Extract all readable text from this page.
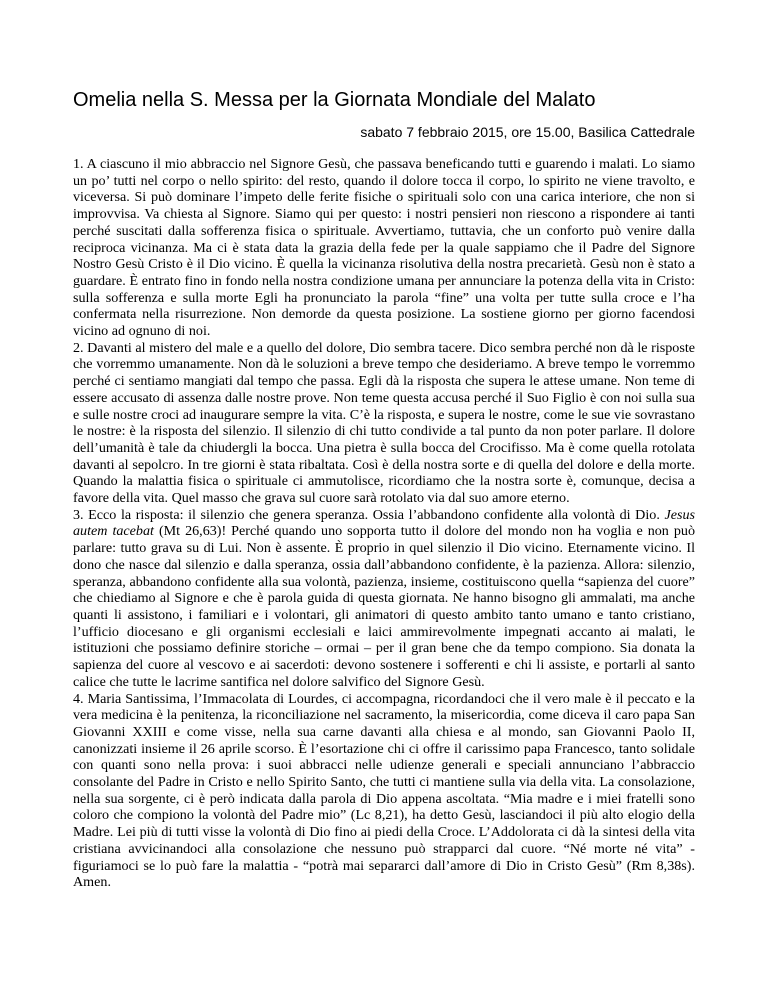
Omelia nella S. Messa per la Giornata Mondiale del Malato
sabato 7 febbraio 2015, ore 15.00, Basilica Cattedrale

1. A ciascuno il mio abbraccio nel Signore Gesù, che passava beneficando tutti e guarendo i malati. Lo siamo un po’ tutti nel corpo o nello spirito: del resto, quando il dolore tocca il corpo, lo spirito ne viene travolto, e viceversa. Si può dominare l’impeto delle ferite fisiche o spirituali solo con una carica interiore, che non si improvvisa. Va chiesta al Signore. Siamo qui per questo: i nostri pensieri non riescono a rispondere ai tanti perché suscitati dalla sofferenza fisica o spirituale. Avvertiamo, tuttavia, che un conforto può venire dalla reciproca vicinanza. Ma ci è stata data la grazia della fede per la quale sappiamo che il Padre del Signore Nostro Gesù Cristo è il Dio vicino. È quella la vicinanza risolutiva della nostra precarietà. Gesù non è stato a guardare. È entrato fino in fondo nella nostra condizione umana per annunciare la potenza della vita in Cristo: sulla sofferenza e sulla morte Egli ha pronunciato la parola “fine” una volta per tutte sulla croce e l’ha confermata nella risurrezione. Non demorde da questa posizione. La sostiene giorno per giorno facendosi vicino ad ognuno di noi.

2. Davanti al mistero del male e a quello del dolore, Dio sembra tacere. Dico sembra perché non dà le risposte che vorremmo umanamente. Non dà le soluzioni a breve tempo che desideriamo. A breve tempo le vorremmo perché ci sentiamo mangiati dal tempo che passa. Egli dà la risposta che supera le attese umane. Non teme di essere accusato di assenza dalle nostre prove. Non teme questa accusa perché il Suo Figlio è con noi sulla sua e sulle nostre croci ad inaugurare sempre la vita. C’è la risposta, e supera le nostre, come le sue vie sovrastano le nostre: è la risposta del silenzio. Il silenzio di chi tutto condivide a tal punto da non poter parlare. Il dolore dell’umanità è tale da chiudergli la bocca. Una pietra è sulla bocca del Crocifisso. Ma è come quella rotolata davanti al sepolcro. In tre giorni è stata ribaltata. Così è della nostra sorte e di quella del dolore e della morte. Quando la malattia fisica o spirituale ci ammutolisce, ricordiamo che la nostra sorte è, comunque, decisa a favore della vita. Quel masso che grava sul cuore sarà rotolato via dal suo amore eterno.

3. Ecco la risposta: il silenzio che genera speranza. Ossia l’abbandono confidente alla volontà di Dio. Jesus autem tacebat (Mt 26,63)! Perché quando uno sopporta tutto il dolore del mondo non ha voglia e non può parlare: tutto grava su di Lui. Non è assente. È proprio in quel silenzio il Dio vicino. Eternamente vicino. Il dono che nasce dal silenzio e dalla speranza, ossia dall’abbandono confidente, è la pazienza. Allora: silenzio, speranza, abbandono confidente alla sua volontà, pazienza, insieme, costituiscono quella “sapienza del cuore” che chiediamo al Signore e che è parola guida di questa giornata. Ne hanno bisogno gli ammalati, ma anche quanti li assistono, i familiari e i volontari, gli animatori di questo ambito tanto umano e tanto cristiano, l’ufficio diocesano e gli organismi ecclesiali e laici ammirevolmente impegnati accanto ai malati, le istituzioni che possiamo definire storiche – ormai – per il gran bene che da tempo compiono. Sia donata la sapienza del cuore al vescovo e ai sacerdoti: devono sostenere i sofferenti e chi li assiste, e portarli al santo calice che tutte le lacrime santifica nel dolore salvifico del Signore Gesù.

4. Maria Santissima, l’Immacolata di Lourdes, ci accompagna, ricordandoci che il vero male è il peccato e la vera medicina è la penitenza, la riconciliazione nel sacramento, la misericordia, come diceva il caro papa San Giovanni XXIII e come visse, nella sua carne davanti alla chiesa e al mondo, san Giovanni Paolo II, canonizzati insieme il 26 aprile scorso. È l’esortazione chi ci offre il carissimo papa Francesco, tanto solidale con quanti sono nella prova: i suoi abbracci nelle udienze generali e speciali annunciano l’abbraccio consolante del Padre in Cristo e nello Spirito Santo, che tutti ci mantiene sulla via della vita. La consolazione, nella sua sorgente, ci è però indicata dalla parola di Dio appena ascoltata. “Mia madre e i miei fratelli sono coloro che compiono la volontà del Padre mio” (Lc 8,21), ha detto Gesù, lasciandoci il più alto elogio della Madre. Lei più di tutti visse la volontà di Dio fino ai piedi della Croce. L’Addolorata ci dà la sintesi della vita cristiana avvicinandoci alla consolazione che nessuno può strapparci dal cuore. “Né morte né vita” - figuriamoci se lo può fare la malattia - “potrà mai separarci dall’amore di Dio in Cristo Gesù” (Rm 8,38s). Amen.
